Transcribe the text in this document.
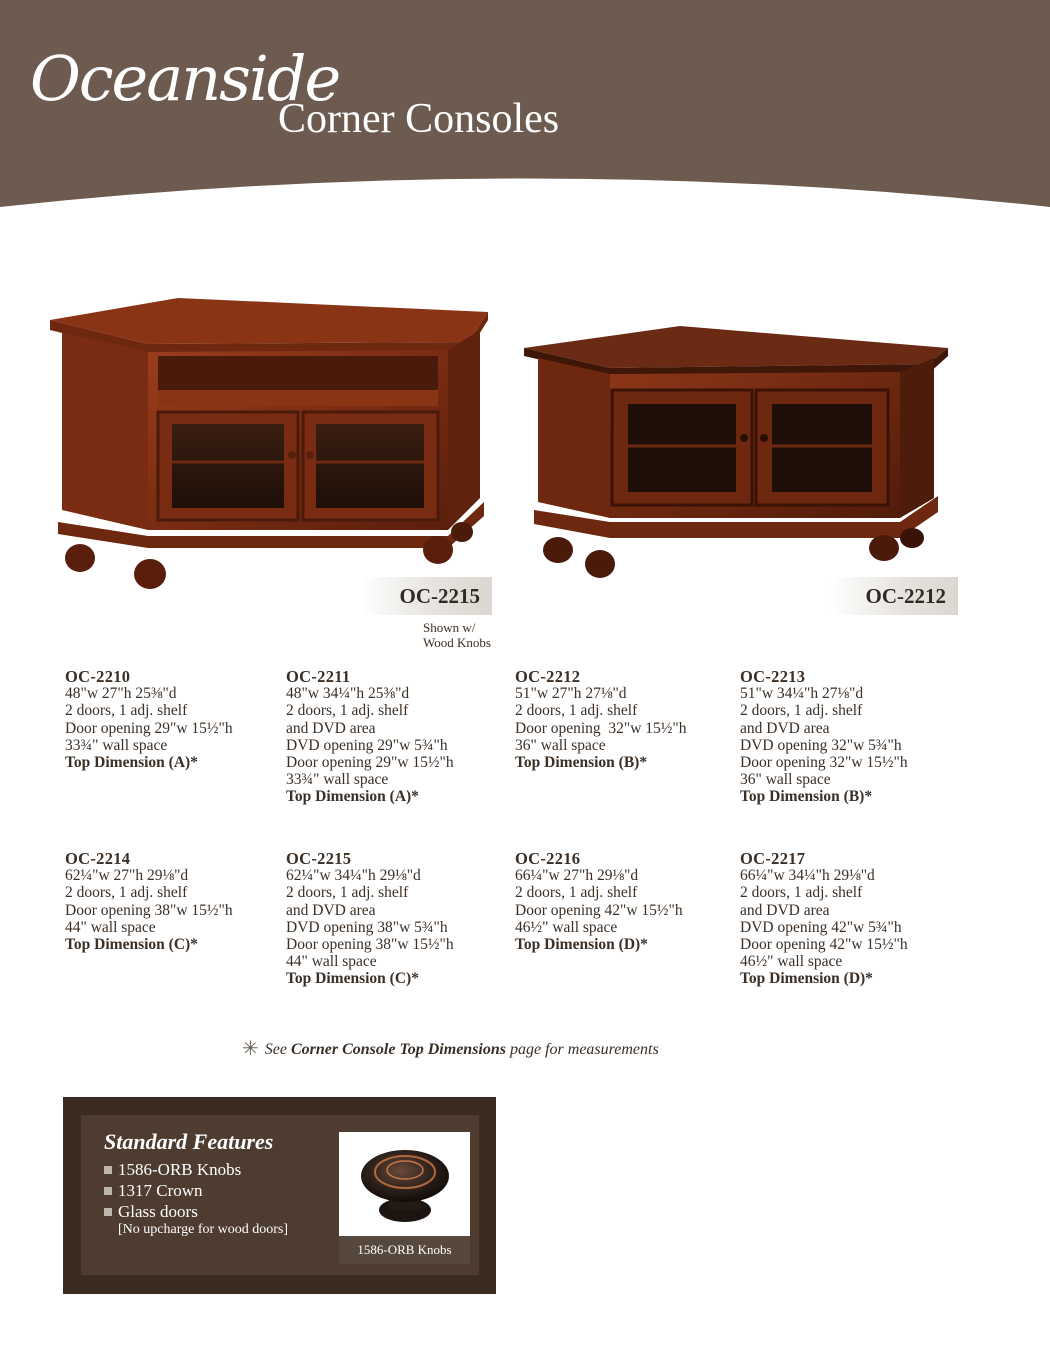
Oceanside
Corner Consoles
OC-2215	OC-2212
Shown w/
Wood Knobs
OC-2210
48"w 27"h 25⅜"d
2 doors, 1 adj. shelf
Door opening 29"w 15½"h
33¾" wall space
Top Dimension (A)*
OC-2211
48"w 34¼"h 25⅜"d
2 doors, 1 adj. shelf
and DVD area
DVD opening 29"w 5¾"h
Door opening 29"w 15½"h
33¾" wall space
Top Dimension (A)*
OC-2212
51"w 27"h 27⅛"d
2 doors, 1 adj. shelf
Door opening  32"w 15½"h
36" wall space
Top Dimension (B)*
OC-2213
51"w 34¼"h 27⅛"d
2 doors, 1 adj. shelf
and DVD area
DVD opening 32"w 5¾"h
Door opening 32"w 15½"h
36" wall space
Top Dimension (B)*
OC-2214
62¼"w 27"h 29⅛"d
2 doors, 1 adj. shelf
Door opening 38"w 15½"h
44" wall space
Top Dimension (C)*
OC-2215
62¼"w 34¼"h 29⅛"d
2 doors, 1 adj. shelf
and DVD area
DVD opening 38"w 5¾"h
Door opening 38"w 15½"h
44" wall space
Top Dimension (C)*
OC-2216
66¼"w 27"h 29⅛"d
2 doors, 1 adj. shelf
Door opening 42"w 15½"h
46½" wall space
Top Dimension (D)*
OC-2217
66¼"w 34¼"h 29⅛"d
2 doors, 1 adj. shelf
and DVD area
DVD opening 42"w 5¾"h
Door opening 42"w 15½"h
46½" wall space
Top Dimension (D)*
✳ See Corner Console Top Dimensions page for measurements
Standard Features
1586-ORB Knobs
1317 Crown
Glass doors
[No upcharge for wood doors]
1586-ORB Knobs
